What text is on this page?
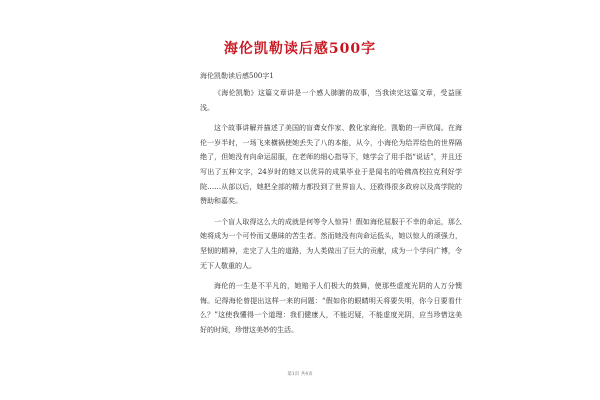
海伦凯勒读后感500字
海伦凯勒读后感500字1

《海伦凯勒》这篇文章讲是一个感人肺腑的故事，当我读完这篇文章，受益匪浅。

这个故事讲解并描述了美国的盲聋女作家、教化家海伦．凯勒的一声欣闻。在海伦一岁半时，一场飞来横祸使她丢失了八的本能，从今，小海伦为给弄绘色的世界隔绝了，但她没有向命运屈服，在老师的细心指导下，她学会了用手指“说话”，并且还写出了五种文字，24岁时的她又以优异的成果毕业于是闻名的哈佛高校拉克利好学院……从部以后，她把全部的精力都投到了世界盲人、还救得很多政府以及高学院的赞助和嘉奖。

一个盲人取得这么大的成就是何等令人惊异！假如海伦屈服于不幸的命运，那么她将成为一个可怜而又愚昧的苦生者。然而她没有向命运低头，她以惊人的顽强力，坚韧的精神，走完了人生的道路，为人类做出了巨大的贡献，成为一个学问广博，令无下人敬重的人。

海伦的一生是不平凡的，她赔予人们极大的鼓舞，使那些虚度光阴的人万分懊悔。记得海伦曾提出这样一来的问题：“假如你的眼睛明天将要失明，你今日要看什么？”这使我懂得一个道理：我们健康人，不能迟疑，不能虚度光阴，应当珍惜这美好的时间，珍惜这美妙的生活。

第1页 共4页
